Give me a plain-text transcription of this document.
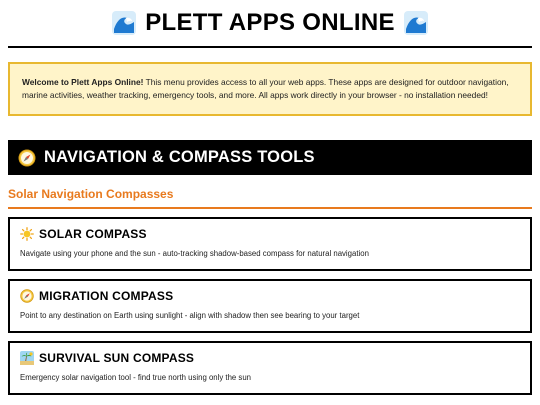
PLETT APPS ONLINE
Welcome to Plett Apps Online! This menu provides access to all your web apps. These apps are designed for outdoor navigation, marine activities, weather tracking, emergency tools, and more. All apps work directly in your browser - no installation needed!
NAVIGATION & COMPASS TOOLS
Solar Navigation Compasses
SOLAR COMPASS

Navigate using your phone and the sun - auto-tracking shadow-based compass for natural navigation

MIGRATION COMPASS

Point to any destination on Earth using sunlight - align with shadow then see bearing to your target

SURVIVAL SUN COMPASS

Emergency solar navigation tool - find true north using only the sun
